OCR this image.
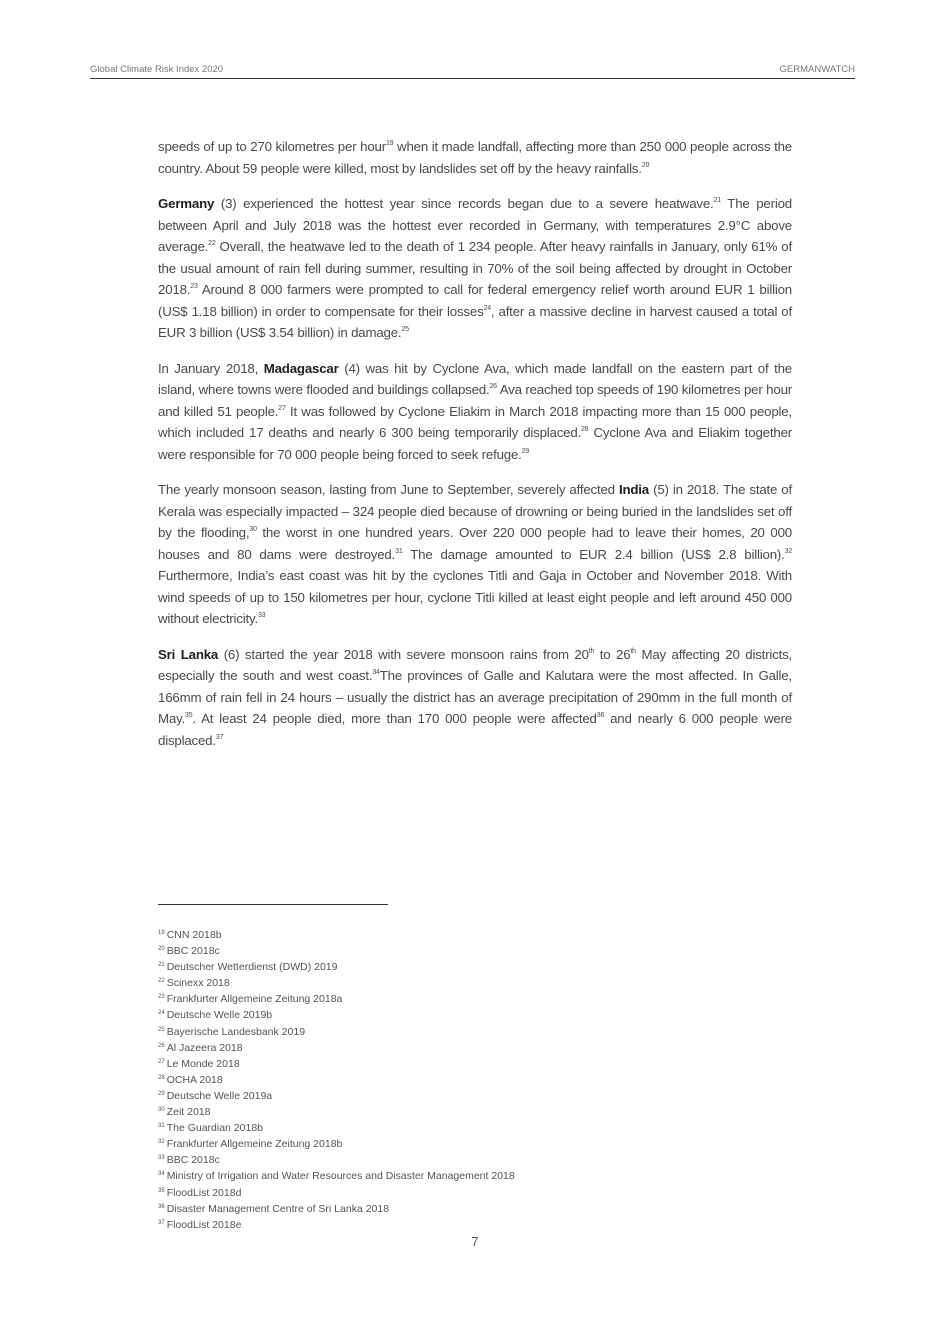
Global Climate Risk Index 2020	GERMANWATCH

speeds of up to 270 kilometres per hour$^{19}$ when it made landfall, affecting more than 250 000 people across the country. About 59 people were killed, most by landslides set off by the heavy rainfalls.$^{20}$

Germany (3) experienced the hottest year since records began due to a severe heatwave.$^{21}$ The period between April and July 2018 was the hottest ever recorded in Germany, with temperatures 2.9°C above average.$^{22}$ Overall, the heatwave led to the death of 1 234 people. After heavy rainfalls in January, only 61% of the usual amount of rain fell during summer, resulting in 70% of the soil being affected by drought in October 2018.23 Around 8 000 farmers were prompted to call for federal emergency relief worth around EUR 1 billion (US$ 1.18 billion) in order to compensate for their losses$^{24}$, after a massive decline in harvest caused a total of EUR 3 billion (US$ 3.54 billion) in damage.$^{25}$

In January 2018, Madagascar (4) was hit by Cyclone Ava, which made landfall on the eastern part of the island, where towns were flooded and buildings collapsed.$^{26}$ Ava reached top speeds of 190 kilometres per hour and killed 51 people.$^{27}$ It was followed by Cyclone Eliakim in March 2018 impacting more than 15 000 people, which included 17 deaths and nearly 6 300 being temporarily displaced.$^{28}$ Cyclone Ava and Eliakim together were responsible for 70 000 people being forced to seek refuge.$^{29}$

The yearly monsoon season, lasting from June to September, severely affected India (5) in 2018. The state of Kerala was especially impacted – 324 people died because of drowning or being buried in the landslides set off by the flooding,$^{30}$ the worst in one hundred years. Over 220 000 people had to leave their homes, 20 000 houses and 80 dams were destroyed.$^{31}$ The damage amounted to EUR 2.4 billion (US$ 2.8 billion).$^{32}$ Furthermore, India’s east coast was hit by the cyclones Titli and Gaja in October and November 2018. With wind speeds of up to 150 kilometres per hour, cyclone Titli killed at least eight people and left around 450 000 without electricity.$^{33}$

Sri Lanka (6) started the year 2018 with severe monsoon rains from 20th to 26th May affecting 20 districts, especially the south and west coast.$^{34}$The provinces of Galle and Kalutara were the most affected. In Galle, 166mm of rain fell in 24 hours – usually the district has an average precipitation of 290mm in the full month of May.$^{35}$. At least 24 people died, more than 170 000 people were affected$^{36}$ and nearly 6 000 people were displaced.$^{37}$

$^{19}$ CNN 2018b
$^{20}$ BBC 2018c
$^{21}$ Deutscher Wetterdienst (DWD) 2019
$^{22}$ Scinexx 2018
$^{23}$ Frankfurter Allgemeine Zeitung 2018a
$^{24}$ Deutsche Welle 2019b
$^{25}$ Bayerische Landesbank 2019
$^{26}$ Al Jazeera 2018
$^{27}$ Le Monde 2018
$^{28}$ OCHA 2018
$^{29}$ Deutsche Welle 2019a
$^{30}$ Zeit 2018
$^{31}$ The Guardian 2018b
$^{32}$ Frankfurter Allgemeine Zeitung 2018b
$^{33}$ BBC 2018c
$^{34}$ Ministry of Irrigation and Water Resources and Disaster Management 2018
$^{35}$ FloodList 2018d
$^{36}$ Disaster Management Centre of Sri Lanka 2018
$^{37}$ FloodList 2018e
7
